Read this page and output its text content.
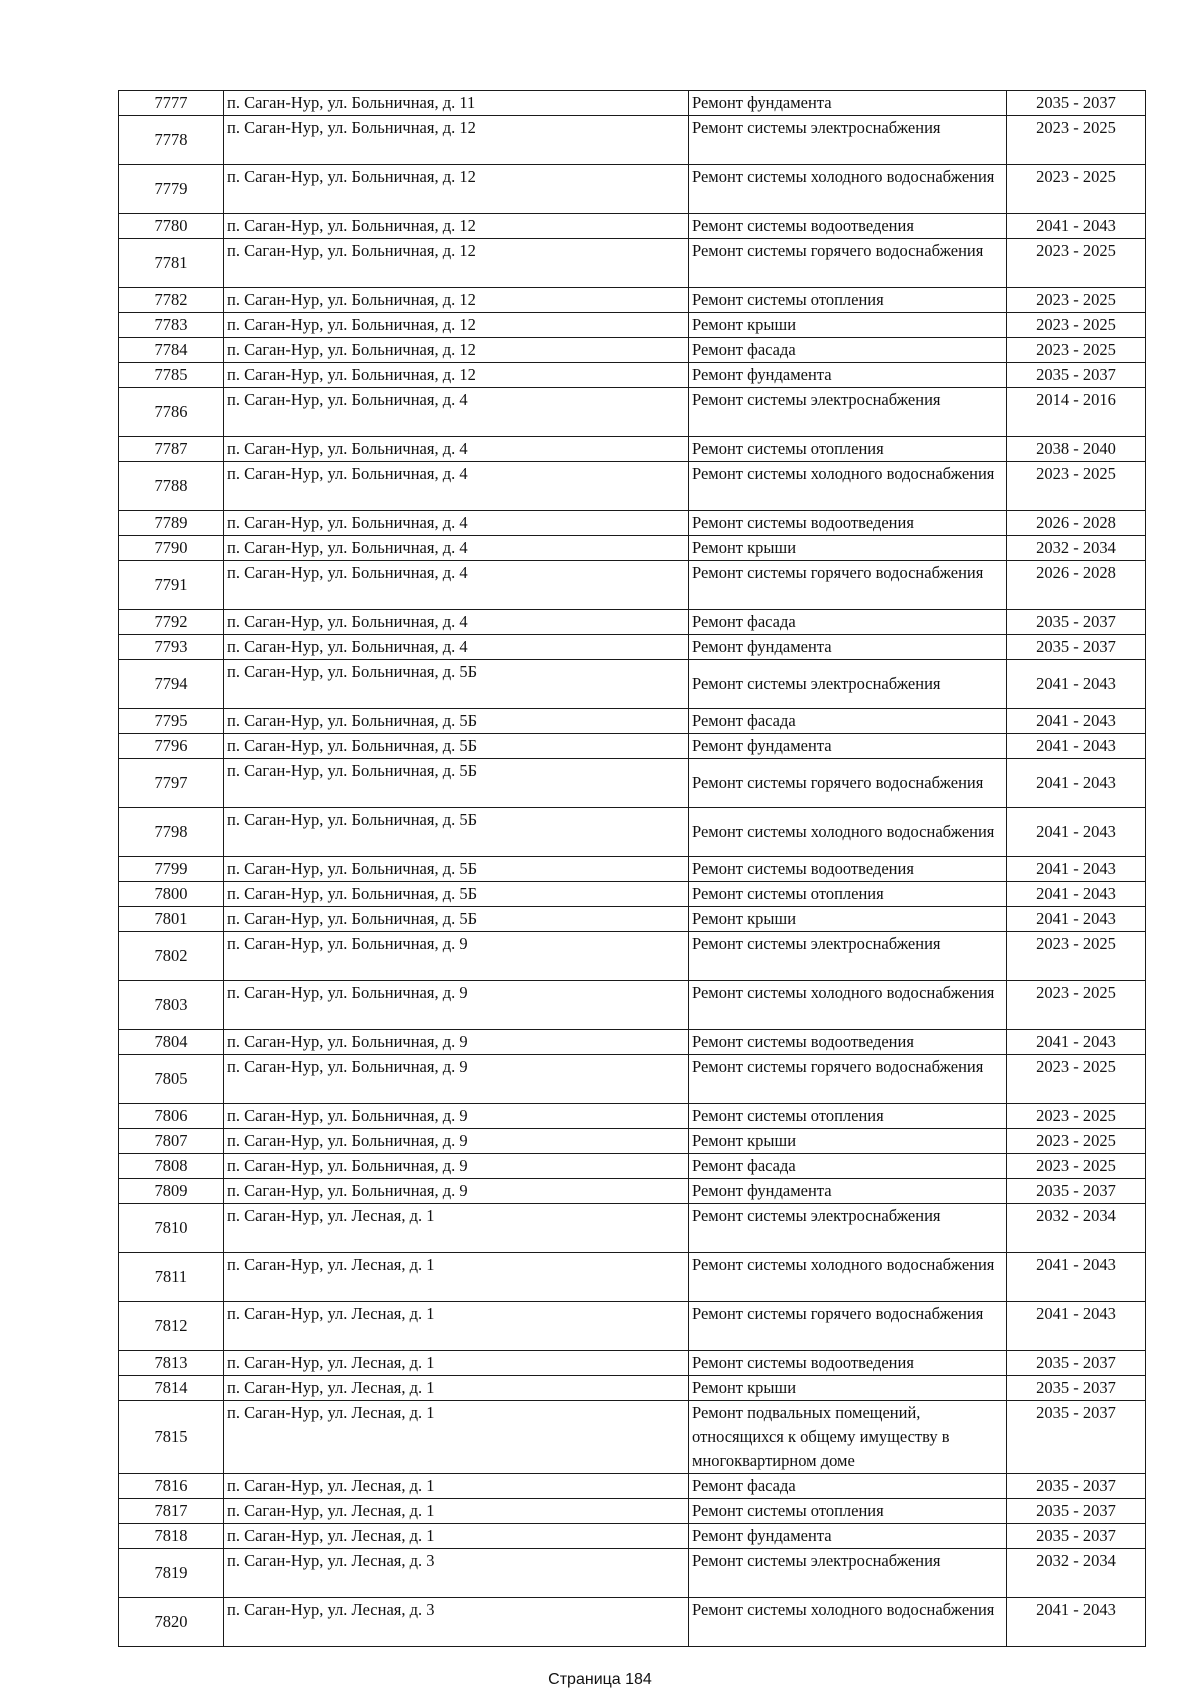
7777	п. Саган-Нур, ул. Больничная, д. 11	Ремонт фундамента	2035 - 2037
7778	п. Саган-Нур, ул. Больничная, д. 12	Ремонт системы электроснабжения	2023 - 2025
7779	п. Саган-Нур, ул. Больничная, д. 12	Ремонт системы холодного водоснабжения	2023 - 2025
7780	п. Саган-Нур, ул. Больничная, д. 12	Ремонт системы водоотведения	2041 - 2043
7781	п. Саган-Нур, ул. Больничная, д. 12	Ремонт системы горячего водоснабжения	2023 - 2025
7782	п. Саган-Нур, ул. Больничная, д. 12	Ремонт системы отопления	2023 - 2025
7783	п. Саган-Нур, ул. Больничная, д. 12	Ремонт крыши	2023 - 2025
7784	п. Саган-Нур, ул. Больничная, д. 12	Ремонт фасада	2023 - 2025
7785	п. Саган-Нур, ул. Больничная, д. 12	Ремонт фундамента	2035 - 2037
7786	п. Саган-Нур, ул. Больничная, д. 4	Ремонт системы электроснабжения	2014 - 2016
7787	п. Саган-Нур, ул. Больничная, д. 4	Ремонт системы отопления	2038 - 2040
7788	п. Саган-Нур, ул. Больничная, д. 4	Ремонт системы холодного водоснабжения	2023 - 2025
7789	п. Саган-Нур, ул. Больничная, д. 4	Ремонт системы водоотведения	2026 - 2028
7790	п. Саган-Нур, ул. Больничная, д. 4	Ремонт крыши	2032 - 2034
7791	п. Саган-Нур, ул. Больничная, д. 4	Ремонт системы горячего водоснабжения	2026 - 2028
7792	п. Саган-Нур, ул. Больничная, д. 4	Ремонт фасада	2035 - 2037
7793	п. Саган-Нур, ул. Больничная, д. 4	Ремонт фундамента	2035 - 2037
7794	п. Саган-Нур, ул. Больничная, д. 5Б	Ремонт системы электроснабжения	2041 - 2043
7795	п. Саган-Нур, ул. Больничная, д. 5Б	Ремонт фасада	2041 - 2043
7796	п. Саган-Нур, ул. Больничная, д. 5Б	Ремонт фундамента	2041 - 2043
7797	п. Саган-Нур, ул. Больничная, д. 5Б	Ремонт системы горячего водоснабжения	2041 - 2043
7798	п. Саган-Нур, ул. Больничная, д. 5Б	Ремонт системы холодного водоснабжения	2041 - 2043
7799	п. Саган-Нур, ул. Больничная, д. 5Б	Ремонт системы водоотведения	2041 - 2043
7800	п. Саган-Нур, ул. Больничная, д. 5Б	Ремонт системы отопления	2041 - 2043
7801	п. Саган-Нур, ул. Больничная, д. 5Б	Ремонт крыши	2041 - 2043
7802	п. Саган-Нур, ул. Больничная, д. 9	Ремонт системы электроснабжения	2023 - 2025
7803	п. Саган-Нур, ул. Больничная, д. 9	Ремонт системы холодного водоснабжения	2023 - 2025
7804	п. Саган-Нур, ул. Больничная, д. 9	Ремонт системы водоотведения	2041 - 2043
7805	п. Саган-Нур, ул. Больничная, д. 9	Ремонт системы горячего водоснабжения	2023 - 2025
7806	п. Саган-Нур, ул. Больничная, д. 9	Ремонт системы отопления	2023 - 2025
7807	п. Саган-Нур, ул. Больничная, д. 9	Ремонт крыши	2023 - 2025
7808	п. Саган-Нур, ул. Больничная, д. 9	Ремонт фасада	2023 - 2025
7809	п. Саган-Нур, ул. Больничная, д. 9	Ремонт фундамента	2035 - 2037
7810	п. Саган-Нур, ул. Лесная, д. 1	Ремонт системы электроснабжения	2032 - 2034
7811	п. Саган-Нур, ул. Лесная, д. 1	Ремонт системы холодного водоснабжения	2041 - 2043
7812	п. Саган-Нур, ул. Лесная, д. 1	Ремонт системы горячего водоснабжения	2041 - 2043
7813	п. Саган-Нур, ул. Лесная, д. 1	Ремонт системы водоотведения	2035 - 2037
7814	п. Саган-Нур, ул. Лесная, д. 1	Ремонт крыши	2035 - 2037
7815	п. Саган-Нур, ул. Лесная, д. 1	Ремонт подвальных помещений, относящихся к общему имуществу в многоквартирном доме	2035 - 2037
7816	п. Саган-Нур, ул. Лесная, д. 1	Ремонт фасада	2035 - 2037
7817	п. Саган-Нур, ул. Лесная, д. 1	Ремонт системы отопления	2035 - 2037
7818	п. Саган-Нур, ул. Лесная, д. 1	Ремонт фундамента	2035 - 2037
7819	п. Саган-Нур, ул. Лесная, д. 3	Ремонт системы электроснабжения	2032 - 2034
7820	п. Саган-Нур, ул. Лесная, д. 3	Ремонт системы холодного водоснабжения	2041 - 2043
Страница 184
